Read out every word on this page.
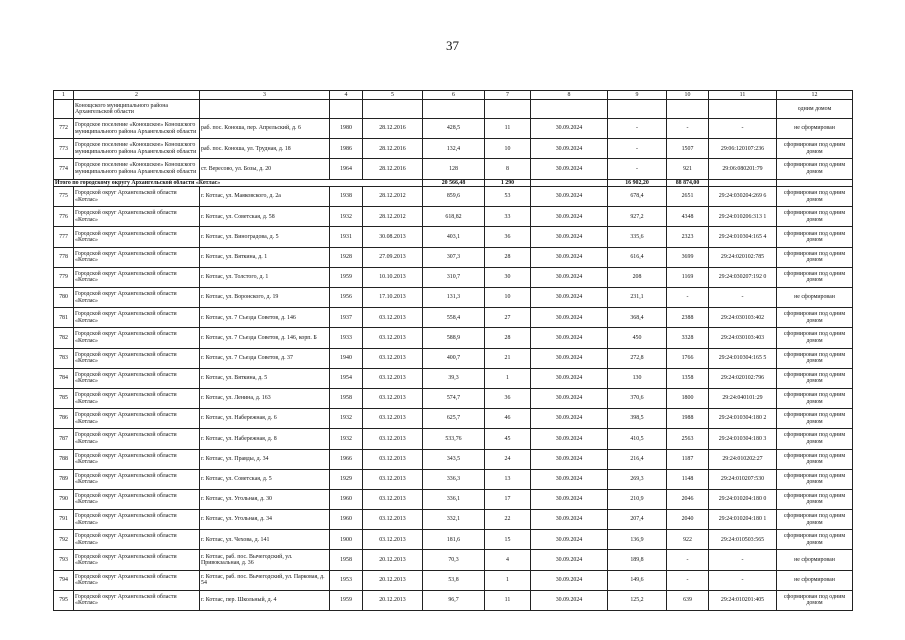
37
1	2	3	4	5	6	7	8	9	10	11	12
	Конощского муниципального района Архангельской области										одним домом
772	Городское поселение «Коношское» Коношского муниципального района Архангельской области	раб. пос. Коноша, пер. Апрельский, д. 6	1980	28.12.2016	428,5	11	30.09.2024	-	-	-	не сформирован
773	Городское поселение «Коношское» Коношского муниципального района Архангельской области	раб. пос. Коноша, ул. Трудная, д. 18	1986	28.12.2016	132,4	10	30.09.2024	-	1507	29:06:120107:236	сформирован под одним домом
774	Городское поселение «Коношское» Коношского муниципального района Архангельской области	ст. Вересово, ул. Бозы, д. 20	1964	28.12.2016	128	8	30.09.2024	-	921	29:06:080201:79	сформирован под одним домом
Итого по городскому округу Архангельской области «Котлас»					20 566,48	1 290		16 902,20	88 874,00		
775	Городской округ Архангельской области «Котлас»	г. Котлас, ул. Маяковского, д. 2а	1938	28.12.2012	859,6	53	30.09.2024	678,4	2651	29:24:030204:269 6	сформирован под одним домом
776	Городской округ Архангельской области «Котлас»	г. Котлас, ул. Советская, д. 58	1932	28.12.2012	618,82	33	30.09.2024	927,2	4348	29:24:010206:313 1	сформирован под одним домом
777	Городской округ Архангельской области «Котлас»	г. Котлас, ул. Виноградова, д. 5	1931	30.08.2013	403,1	36	30.09.2024	335,6	2323	29:24:010304:165 4	сформирован под одним домом
778	Городской округ Архангельской области «Котлас»	г. Котлас, ул. Вяткина, д. 1	1928	27.09.2013	307,3	28	30.09.2024	616,4	3699	29:24:020102:785	сформирован под одним домом
779	Городской округ Архангельской области «Котлас»	г. Котлас, ул. Толстого, д. 1	1959	10.10.2013	310,7	30	30.09.2024	208	1169	29:24:030207:192 0	сформирован под одним домом
780	Городской округ Архангельской области «Котлас»	г. Котлас, ул. Воронского, д. 19	1956	17.10.2013	131,3	10	30.09.2024	231,1	-	-	не сформирован
781	Городской округ Архангельской области «Котлас»	г. Котлас, ул. 7 Съезда Советов, д. 146	1937	03.12.2013	558,4	27	30.09.2024	368,4	2388	29:24:030103:402	сформирован под одним домом
782	Городской округ Архангельской области «Котлас»	г. Котлас, ул. 7 Съезда Советов, д. 146, корп. Б	1933	03.12.2013	588,9	28	30.09.2024	450	3328	29:24:030103:403	сформирован под одним домом
783	Городской округ Архангельской области «Котлас»	г. Котлас, ул. 7 Съезда Советов, д. 37	1940	03.12.2013	400,7	21	30.09.2024	272,8	1766	29:24:010304:165 5	сформирован под одним домом
784	Городской округ Архангельской области «Котлас»	г. Котлас, ул. Вяткина, д. 5	1954	03.12.2013	39,3	1	30.09.2024	130	1358	29:24:020102:796	сформирован под одним домом
785	Городской округ Архангельской области «Котлас»	г. Котлас, ул. Ленина, д. 163	1958	03.12.2013	574,7	36	30.09.2024	370,6	1800	29:24:040101:29	сформирован под одним домом
786	Городской округ Архангельской области «Котлас»	г. Котлас, ул. Набережная, д. 6	1932	03.12.2013	625,7	46	30.09.2024	398,5	1988	29:24:010304:180 2	сформирован под одним домом
787	Городской округ Архангельской области «Котлас»	г. Котлас, ул. Набережная, д. 8	1932	03.12.2013	533,76	45	30.09.2024	410,5	2563	29:24:010304:180 3	сформирован под одним домом
788	Городской округ Архангельской области «Котлас»	г. Котлас, ул. Правды, д. 34	1966	03.12.2013	343,5	24	30.09.2024	216,4	1187	29:24:010202:27	сформирован под одним домом
789	Городской округ Архангельской области «Котлас»	г. Котлас, ул. Советская, д. 5	1929	03.12.2013	336,3	13	30.09.2024	269,3	1148	29:24:010207:530	сформирован под одним домом
790	Городской округ Архангельской области «Котлас»	г. Котлас, ул. Угольная, д. 30	1960	03.12.2013	336,1	17	30.09.2024	210,9	2046	29:24:010204:180 0	сформирован под одним домом
791	Городской округ Архангельской области «Котлас»	г. Котлас, ул. Угольная, д. 34	1960	03.12.2013	332,1	22	30.09.2024	207,4	2040	29:24:010204:180 1	сформирован под одним домом
792	Городской округ Архангельской области «Котлас»	г. Котлас, ул. Чехова, д. 141	1900	03.12.2013	181,6	15	30.09.2024	136,9	922	29:24:010503:565	сформирован под одним домом
793	Городской округ Архангельской области «Котлас»	г. Котлас, раб. пос. Вычегодский, ул. Привокзальная, д. 36	1958	20.12.2013	70,3	4	30.09.2024	189,8	-	-	не сформирован
794	Городской округ Архангельской области «Котлас»	г. Котлас, раб. пос. Вычегодский, ул. Парковая, д. 54	1953	20.12.2013	53,8	1	30.09.2024	149,6	-	-	не сформирован
795	Городской округ Архангельской области «Котлас»	г. Котлас, пер. Школьный, д. 4	1959	20.12.2013	96,7	11	30.09.2024	125,2	639	29:24:010201:405	сформирован под одним домом
